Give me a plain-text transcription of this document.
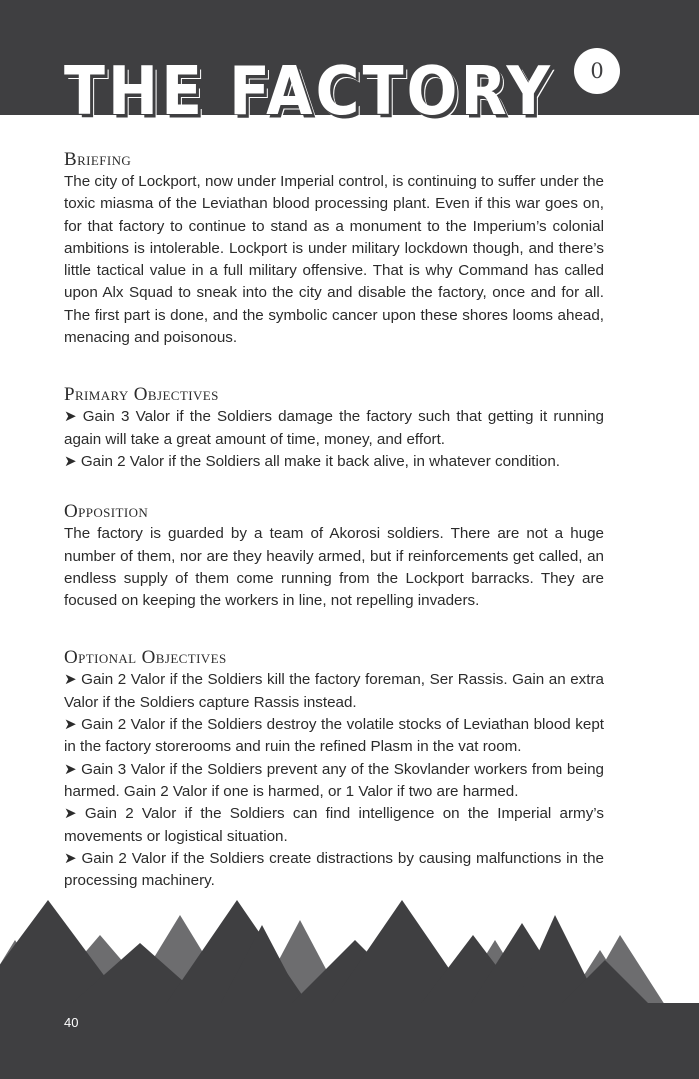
THE FACTORY	0
Briefing

The city of Lockport, now under Imperial control, is continuing to suffer under the toxic miasma of the Leviathan blood processing plant. Even if this war goes on, for that factory to continue to stand as a monument to the Imperium’s colonial ambitions is intolerable. Lockport is under military lockdown though, and there’s little tactical value in a full military offensive. That is why Command has called upon Alx Squad to sneak into the city and disable the factory, once and for all. The first part is done, and the symbolic cancer upon these shores looms ahead, menacing and poisonous.

Primary Objectives

➤ Gain 3 Valor if the Soldiers damage the factory such that getting it running again will take a great amount of time, money, and effort.

➤ Gain 2 Valor if the Soldiers all make it back alive, in whatever condition.

Opposition

The factory is guarded by a team of Akorosi soldiers. There are not a huge number of them, nor are they heavily armed, but if reinforcements get called, an endless supply of them come running from the Lockport barracks. They are focused on keeping the workers in line, not repelling invaders.

Optional Objectives

➤ Gain 2 Valor if the Soldiers kill the factory foreman, Ser Rassis. Gain an extra Valor if the Soldiers capture Rassis instead.

➤ Gain 2 Valor if the Soldiers destroy the volatile stocks of Leviathan blood kept in the factory storerooms and ruin the refined Plasm in the vat room.

➤ Gain 3 Valor if the Soldiers prevent any of the Skovlander workers from being harmed. Gain 2 Valor if one is harmed, or 1 Valor if two are harmed.

➤ Gain 2 Valor if the Soldiers can find intelligence on the Imperial army’s movements or logistical situation.

➤ Gain 2 Valor if the Soldiers create distractions by causing malfunctions in the processing machinery.

40
